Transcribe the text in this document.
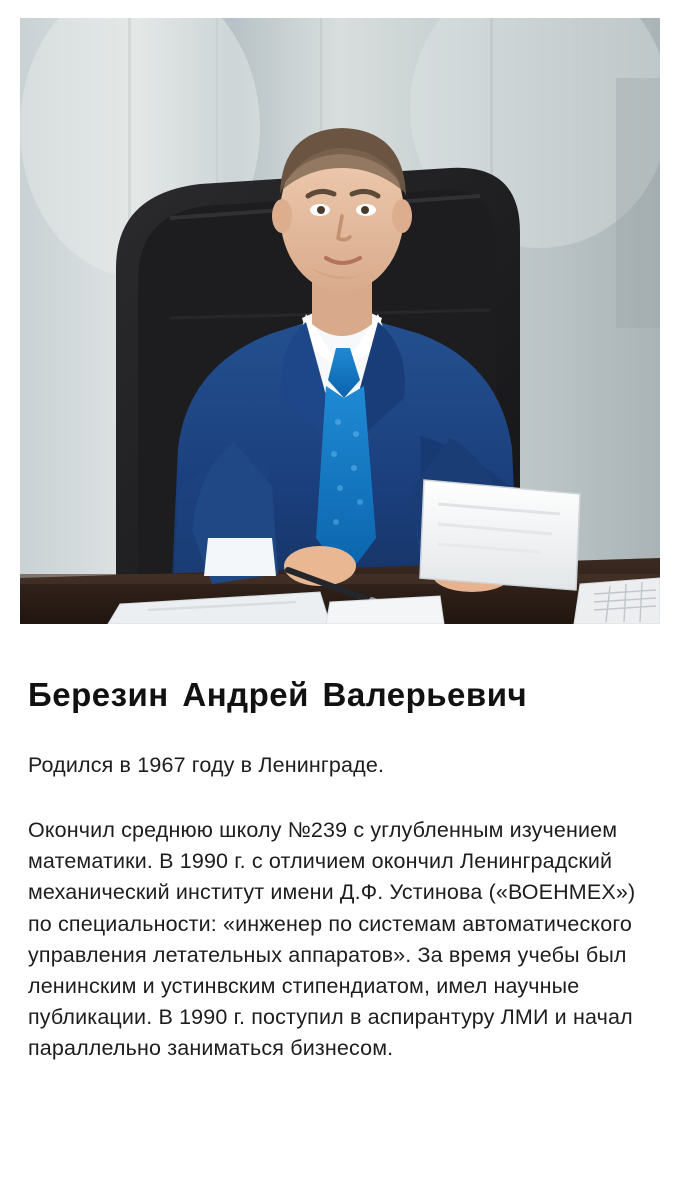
Березин Андрей Валерьевич

Родился в 1967 году в Ленинграде.

Окончил среднюю школу №239 с углубленным изучением математики. В 1990 г. с отличием окончил Ленинградский механический институт имени Д.Ф. Устинова («ВОЕНМЕХ») по специальности: «инженер по системам автоматического управления летательных аппаратов». За время учебы был ленинским и устинвским стипендиатом, имел научные публикации. В 1990 г. поступил в аспирантуру ЛМИ и начал параллельно заниматься бизнесом.
